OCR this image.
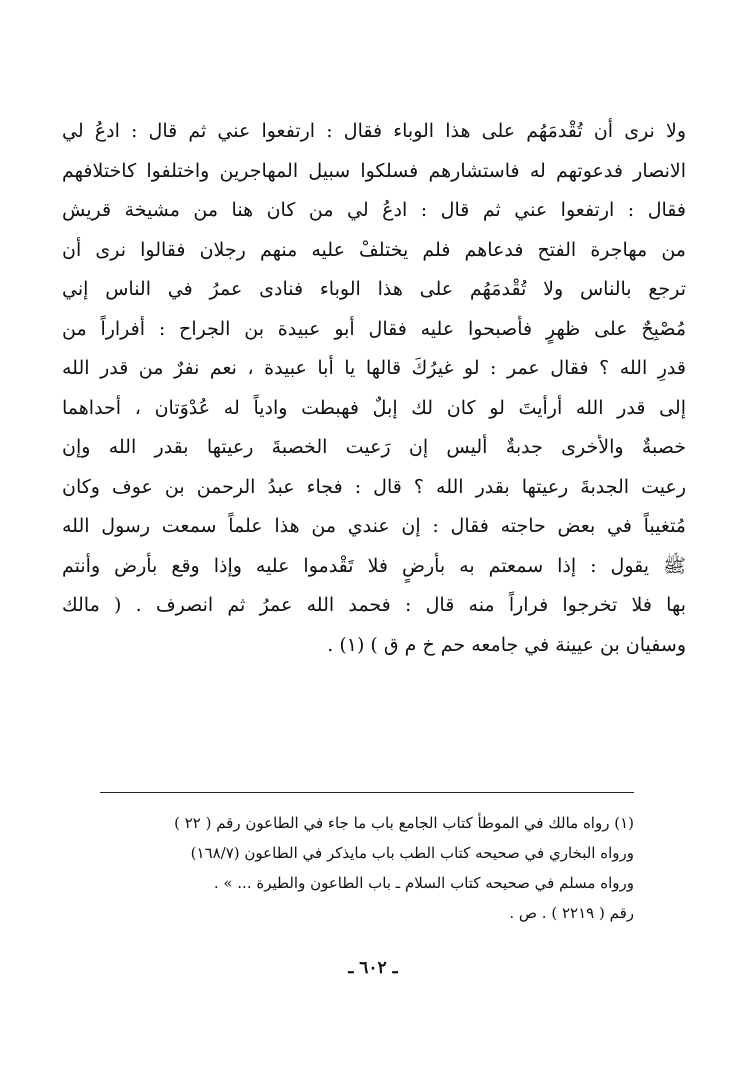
ولا نرى أن تُقْدمَهُم على هذا الوباء فقال : ارتفعوا عني ثم قال : ادعُ لي
الانصار فدعوتهم له فاستشارهم فسلكوا سبيل المهاجرين واختلفوا كاختلافهم
فقال : ارتفعوا عني ثم قال : ادعُ لي من كان هنا من مشيخة قريش
من مهاجرة الفتح فدعاهم فلم يختلفْ عليه منهم رجلان فقالوا نرى أن
ترجع بالناس ولا تُقْدمَهُم على هذا الوباء فنادى عمرُ في الناس إني
مُصْبِحٌ على ظهرٍ فأصبحوا عليه فقال أبو عبيدة بن الجراح : أفراراً من
قدرِ الله ؟ فقال عمر : لو غيرُكَ قالها يا أبا عبيدة ، نعم نفرٌ من قدر الله
إلى قدر الله أرأيتَ لو كان لك إبلٌ فهبطت وادياً له عُدْوَتان ، أحداهما
خصبةٌ والأخرى جدبةٌ أليس إن رَعيت الخصبةَ رعيتها بقدر الله وإن
رعيت الجدبةَ رعيتها بقدر الله ؟ قال : فجاء عبدُ الرحمن بن عوف وكان
مُتغيباً في بعض حاجته فقال : إن عندي من هذا علماً سمعت رسول الله
ﷺ يقول : إذا سمعتم به بأرضٍ فلا تَقْدموا عليه وإذا وقع بأرض وأنتم
بها فلا تخرجوا فراراً منه قال : فحمد الله عمرُ ثم انصرف . ( مالك
وسفيان بن عيينة في جامعه حم خ م ق ) (١) .
(١) رواه مالك في الموطأ كتاب الجامع باب ما جاء في الطاعون رقم ( ٢٢ )
ورواه البخاري في صحيحه كتاب الطب باب مايذكر في الطاعون (١٦٨/٧)
ورواه مسلم في صحيحه كتاب السلام ـ باب الطاعون والطيرة ... » .
رقم ( ٢٢١٩ ) . ص .
ـ ٦٠٢ ـ
